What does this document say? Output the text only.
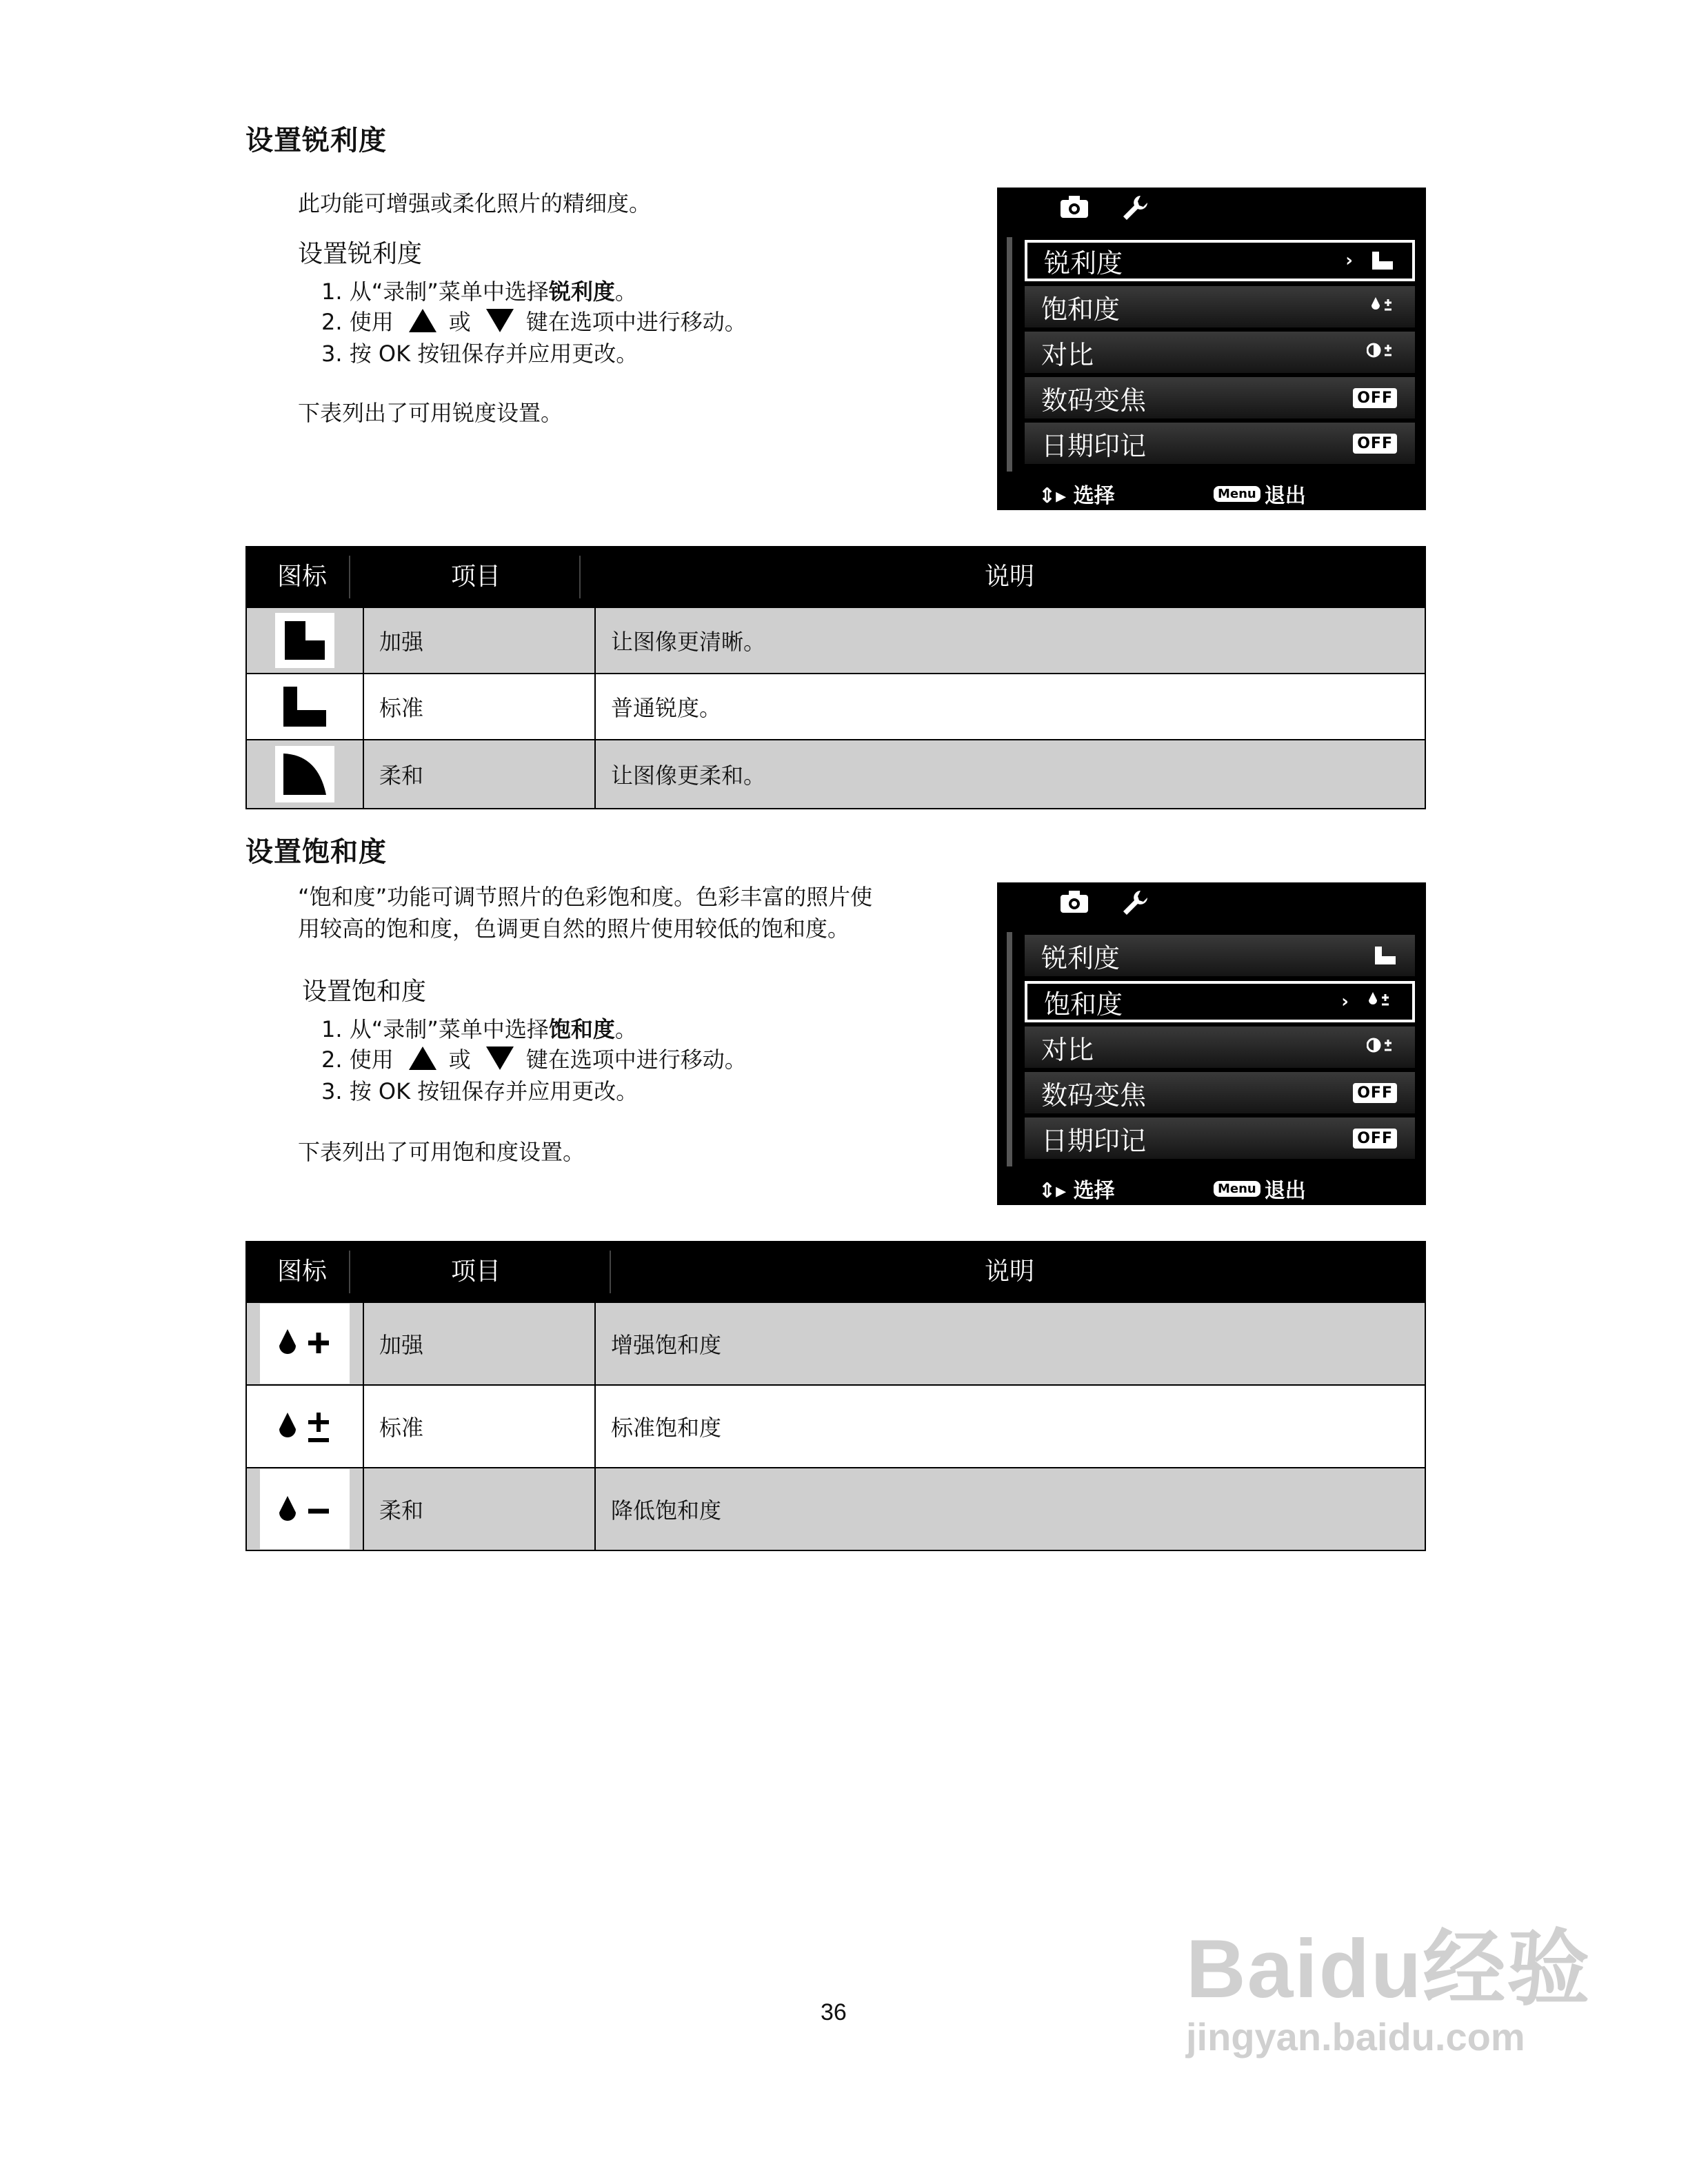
设置锐利度
此功能可增强或柔化照片的精细度。
设置锐利度
1. 从“录制”菜单中选择 锐利度 。
2. 使用	或	键在选项中进行移动。
3. 按 OK 按钮保存并应用更改。
下表列出了可用锐度设置。
锐利度	›
饱和度
对比
数码变焦	OFF
日期印记	OFF
⇕▸ 选择	Menu 退出
图标	项目	说明
加强	让图像更清晰。
标准	普通锐度。
柔和	让图像更柔和。
设置饱和度
“饱和度”功能可调节照片的色彩饱和度。色彩丰富的照片使
用较高的饱和度，色调更自然的照片使用较低的饱和度。
设置饱和度
1. 从“录制”菜单中选择 饱和度 。
2. 使用	或	键在选项中进行移动。
3. 按 OK 按钮保存并应用更改。
下表列出了可用饱和度设置。
锐利度
饱和度	›
对比
数码变焦	OFF
日期印记	OFF
⇕▸ 选择	Menu 退出
图标	项目	说明
加强	增强饱和度
标准	标准饱和度
柔和	降低饱和度
36	Baidu经验
jingyan.baidu.com
